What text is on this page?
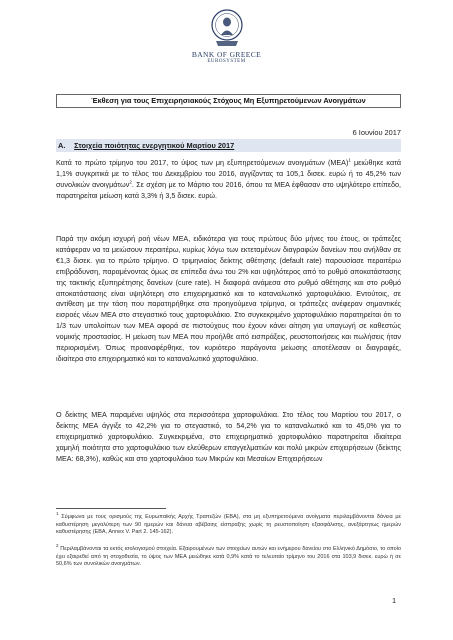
BANK OF GREECE
EUROSYSTEM
Έκθεση για τους Επιχειρησιακούς Στόχους Μη Εξυπηρετούμενων Ανοιγμάτων
6 Ιουνίου 2017
A. Στοιχεία ποιότητας ενεργητικού Μαρτίου 2017

Κατά το πρώτο τρίμηνο του 2017, το ύψος των μη εξυπηρετούμενων ανοιγμάτων $(MEA)^1$ μειώθηκε κατά 1,1% συγκριτικά με το τέλος του Δεκεμβρίου του 2016, αγγίζοντας τα 105,1 δισεκ. ευρώ ή το 45,2% των συνολικών ανοιγμάτων$^2$. Σε σχέση με το Μάρτιο του 2016, όπου τα ΜΕΑ έφθασαν στο υψηλότερο επίπεδο, παρατηρείται μείωση κατά 3,3% ή 3,5 δισεκ. ευρώ.

Παρά την ακόμη ισχυρή ροή νέων ΜΕΑ, ειδικότερα για τους πρώτους δύο μήνες του έτους, οι τράπεζες κατάφεραν να τα μειώσουν περαιτέρω, κυρίως λόγω των εκτεταμένων διαγραφών δανείων που ανήλθαν σε €1,3 δισεκ. για το πρώτο τρίμηνο. Ο τριμηνιαίος δείκτης αθέτησης (default rate) παρουσίασε περαιτέρω επιβράδυνση, παραμένοντας όμως σε επίπεδα άνω του 2% και υψηλότερος από το ρυθμό αποκατάστασης της τακτικής εξυπηρέτησης δανείων (cure rate). Η διαφορά ανάμεσα στο ρυθμό αθέτησης και στο ρυθμό αποκατάστασης είναι υψηλότερη στο επιχειρηματικό και το καταναλωτικό χαρτοφυλάκιο. Εντούτοις, σε αντίθεση με την τάση που παρατηρήθηκε στα προηγούμενα τρίμηνα, οι τράπεζες ανέφεραν σημαντικές εισροές νέων ΜΕΑ στο στεγαστικό τους χαρτοφυλάκιο. Στο συγκεκριμένο χαρτοφυλάκιο παρατηρείται ότι το 1/3 των υπολοίπων των ΜΕΑ αφορά σε πιστούχους που έχουν κάνει αίτηση για υπαγωγή σε καθεστώς νομικής προστασίας. Η μείωση των ΜΕΑ που προήλθε από εισπράξεις, ρευστοποιήσεις και πωλήσεις ήταν περιορισμένη. Όπως προαναφέρθηκε, τον κυριότερο παράγοντα μείωσης αποτέλεσαν οι διαγραφές, ιδιαίτερα στο επιχειρηματικό και το καταναλωτικό χαρτοφυλάκιο.

Ο δείκτης ΜΕΑ παραμένει υψηλός στα περισσότερα χαρτοφυλάκια. Στο τέλος του Μαρτίου του 2017, ο δείκτης ΜΕΑ άγγιξε το 42,2% για το στεγαστικό, το 54,2% για το καταναλωτικό και το 45,0% για το επιχειρηματικό χαρτοφυλάκιο. Συγκεκριμένα, στο επιχειρηματικό χαρτοφυλάκιο παρατηρείται ιδιαίτερα χαμηλή ποιότητα στο χαρτοφυλάκιο των ελεύθερων επαγγελματιών και πολύ μικρών επιχειρήσεων (δείκτης ΜΕΑ: 68,3%), καθώς και στο χαρτοφυλάκιο των Μικρών και Μεσαίων Επιχειρήσεων

$^1$ Σύμφωνα με τους ορισμούς της Ευρωπαϊκής Αρχής Τραπεζών (ΕΒΑ), στα μη εξυπηρετούμενα ανοίγματα περιλαμβάνονται δάνεια με καθυστέρηση μεγαλύτερη των 90 ημερών και δάνεια αβέβαιης είσπραξης χωρίς τη ρευστοποίηση εξασφάλισης, ανεξάρτητως ημερών καθυστέρησης (EBA, Annex V. Part 2. 145-162).

$^2$ Περιλαμβάνονται τα εκτός ισολογισμού στοιχεία. Εξαιρουμένων των στοιχείων αυτών και ενήμερου δανείου στο Ελληνικό Δημόσιο, το οποίο έχει εξαιρεθεί από τη στοχοθεσία, το ύψος των ΜΕΑ μειώθηκε κατά 0,9% κατά το τελευταίο τρίμηνο του 2016 στα 103,9 δισεκ. ευρώ ή σε 50,6% των συνολικών ανοιγμάτων.

1
